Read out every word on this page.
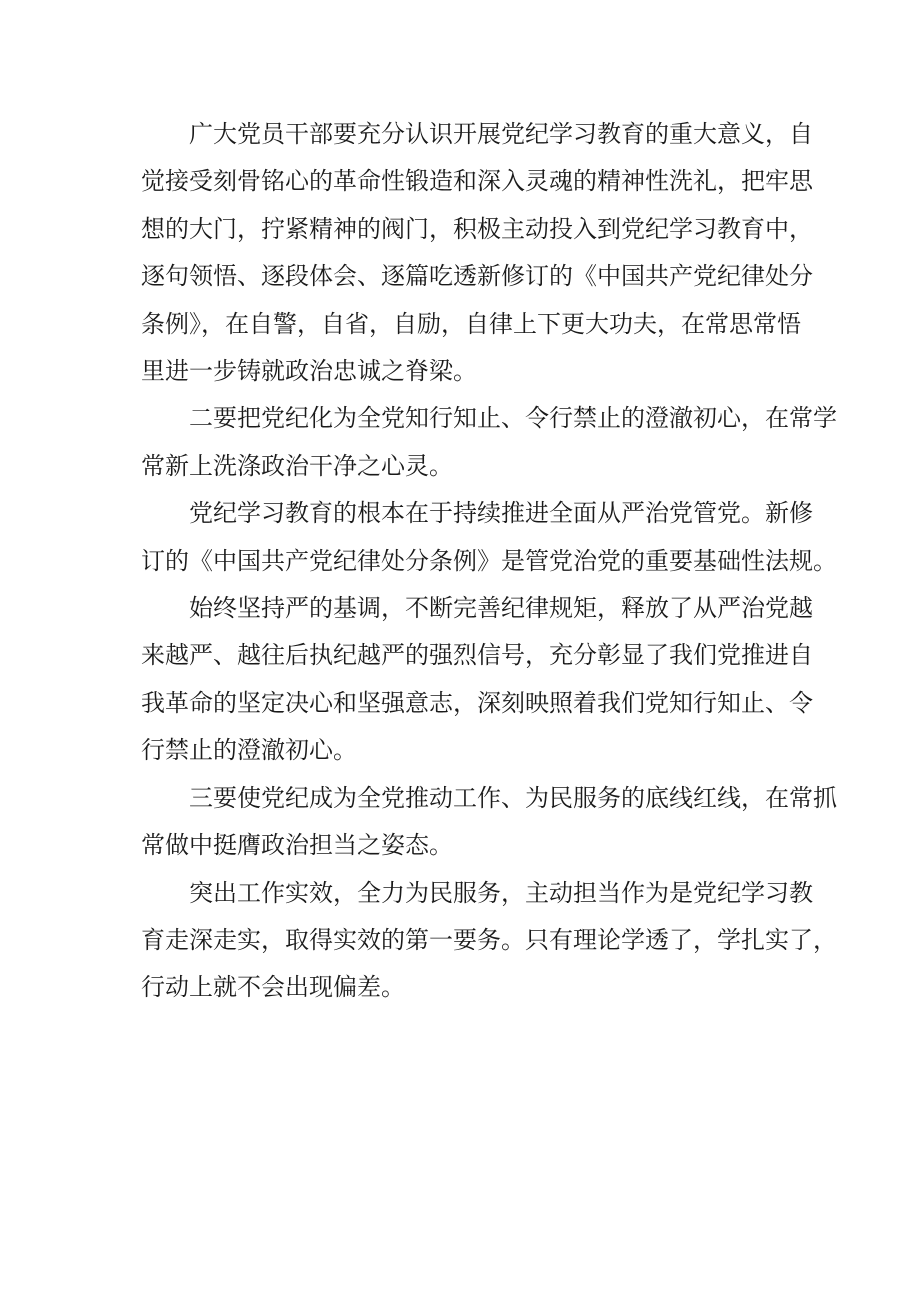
  广大党员干部要充分认识开展党纪学习教育的重大意义，自
觉接受刻骨铭心的革命性锻造和深入灵魂的精神性洗礼，把牢思
想的大门，拧紧精神的阀门，积极主动投入到党纪学习教育中，
逐句领悟、逐段体会、逐篇吃透新修订的《中国共产党纪律处分
条例》，在自警，自省，自励，自律上下更大功夫，在常思常悟
里进一步铸就政治忠诚之脊梁。
  二要把党纪化为全党知行知止、令行禁止的澄澈初心，在常学
常新上洗涤政治干净之心灵。
  党纪学习教育的根本在于持续推进全面从严治党管党。新修
订的《中国共产党纪律处分条例》是管党治党的重要基础性法规。
  始终坚持严的基调，不断完善纪律规矩，释放了从严治党越
来越严、越往后执纪越严的强烈信号，充分彰显了我们党推进自
我革命的坚定决心和坚强意志，深刻映照着我们党知行知止、令
行禁止的澄澈初心。
  三要使党纪成为全党推动工作、为民服务的底线红线，在常抓
常做中挺膺政治担当之姿态。
  突出工作实效，全力为民服务，主动担当作为是党纪学习教
育走深走实，取得实效的第一要务。只有理论学透了，学扎实了，
行动上就不会出现偏差。
